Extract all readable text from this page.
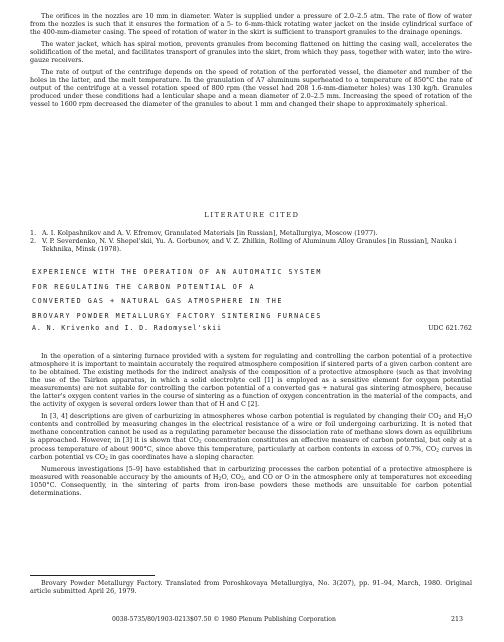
The orifices in the nozzles are 10 mm in diameter. Water is supplied under a pressure of 2.0–2.5 atm. The rate of flow of water from the nozzles is such that it ensures the formation of a 5- to 6-mm-thick rotating water jacket on the inside cylindrical surface of the 400-mm-diameter casing. The speed of rotation of water in the skirt is sufficient to transport granules to the drainage openings.

The water jacket, which has spiral motion, prevents granules from becoming flattened on hitting the casing wall, accelerates the solidification of the metal, and facilitates transport of granules into the skirt, from which they pass, together with water, into the wire-gauze receivers.

The rate of output of the centrifuge depends on the speed of rotation of the perforated vessel, the diameter and number of the holes in the latter, and the melt temperature. In the granulation of A7 aluminum superheated to a temperature of 850°C the rate of output of the centrifuge at a vessel rotation speed of 800 rpm (the vessel had 208 1.6-mm-diameter holes) was 130 kg/h. Granules produced under these conditions had a lenticular shape and a mean diameter of 2.0–2.5 mm. Increasing the speed of rotation of the vessel to 1600 rpm decreased the diameter of the granules to about 1 mm and changed their shape to approximately spherical.

LITERATURE CITED
1. A. I. Kolpashnikov and A. V. Efremov, Granulated Materials [in Russian], Metallurgiya, Moscow (1977).
2. V. P. Severdenko, N. V. Shepel'skii, Yu. A. Gorbunov, and V. Z. Zhilkin, Rolling of Aluminum Alloy Granules [in Russian], Nauka i Tekhnika, Minsk (1978).
EXPERIENCE WITH THE OPERATION OF AN AUTOMATIC SYSTEM
FOR REGULATING THE CARBON POTENTIAL OF A
CONVERTED GAS + NATURAL GAS ATMOSPHERE IN THE
BROVARY POWDER METALLURGY FACTORY SINTERING FURNACES
A. N. Krivenko and I. D. Radomysel'skii	UDC 621.762

In the operation of a sintering furnace provided with a system for regulating and controlling the carbon potential of a protective atmosphere it is important to maintain accurately the required atmosphere composition if sintered parts of a given carbon content are to be obtained. The existing methods for the indirect analysis of the composition of a protective atmosphere (such as that involving the use of the Tsirkon apparatus, in which a solid electrolyte cell [1] is employed as a sensitive element for oxygen potential measurements) are not suitable for controlling the carbon potential of a converted gas + natural gas sintering atmosphere, because the latter's oxygen content varies in the course of sintering as a function of oxygen concentration in the material of the compacts, and the activity of oxygen is several orders lower than that of H and C [2].

In [3, 4] descriptions are given of carburizing in atmospheres whose carbon potential is regulated by changing their $CO_2$ and $H_2O$ contents and controlled by measuring changes in the electrical resistance of a wire or foil undergoing carburizing. It is noted that methane concentration cannot be used as a regulating parameter because the dissociation rate of methane slows down as equilibrium is approached. However, in [3] it is shown that $CO_2$ concentration constitutes an effective measure of carbon potential, but only at a process temperature of about 900°C, since above this temperature, particularly at carbon contents in excess of 0.7%, $CO_2$ curves in carbon potential vs $CO_2$ in gas coordinates have a sloping character.

Numerous investigations [5–9] have established that in carburizing processes the carbon potential of a protective atmosphere is measured with reasonable accuracy by the amounts of $H_2O$, $CO_2$, and CO or O in the atmosphere only at temperatures not exceeding 1050°C. Consequently, in the sintering of parts from iron-base powders these methods are unsuitable for carbon potential determinations.

Brovary Powder Metallurgy Factory. Translated from Poroshkovaya Metallurgiya, No. 3(207), pp. 91–94, March, 1980. Original article submitted April 26, 1979.

0038-5735/80/1903-0213$07.50 © 1980 Plenum Publishing Corporation	213
